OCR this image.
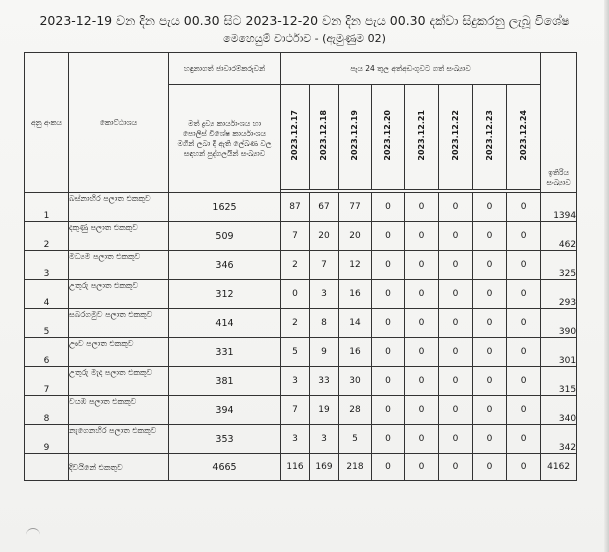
2023-12-19 වන දින පැය 00.30 සිට 2023-12-20 වන දින පැය 00.30 දක්වා සිදුකරනු ලැබූ විශේෂ
මෙහෙයුම් වාර්ථාව - (ඇමුණුම 02)
අනු අංකය	කොට්ඨාශය	හඳුනාගත් ජාවාරම්කරුවන්	පැය 24 තුල අත්අඩංගුවට ගත් සංඛ්‍යාව								ඉතිරිය සංඛ්‍යාව
		මත් ද්‍රව්‍ය කාර්යාංශය හා පොලිස් විශේෂ කාර්යාංශය මගින් ලබා දී ඇති ලේඛණ වල සඳහන් පුද්ගලයින් සංඛ්‍යාව	2023.12.17	2023.12.18	2023.12.19	2023.12.20	2023.12.21	2023.12.22	2023.12.23	2023.12.24	

1	බස්නාහිර පලාත එකකුව	1625	87	67	77	0	0	0	0	0	1394
2	දකුණු පලාත එකකුව	509	7	20	20	0	0	0	0	0	462
3	මධ්‍යම පලාත එකකුව	346	2	7	12	0	0	0	0	0	325
4	උතුරු පලාත එකකුව	312	0	3	16	0	0	0	0	0	293
5	සබරගමුව පලාත එකකුව	414	2	8	14	0	0	0	0	0	390
6	ඌව පලාත එකකුව	331	5	9	16	0	0	0	0	0	301
7	උතුරු මැද පලාත එකකුව	381	3	33	30	0	0	0	0	0	315
8	වයඹ පලාත එකකුව	394	7	19	28	0	0	0	0	0	340
9	නැගෙනහිර පලාත එකකුව	353	3	3	5	0	0	0	0	0	342
	දිවයිනේ එකතුව	4665	116	169	218	0	0	0	0	0	4162
